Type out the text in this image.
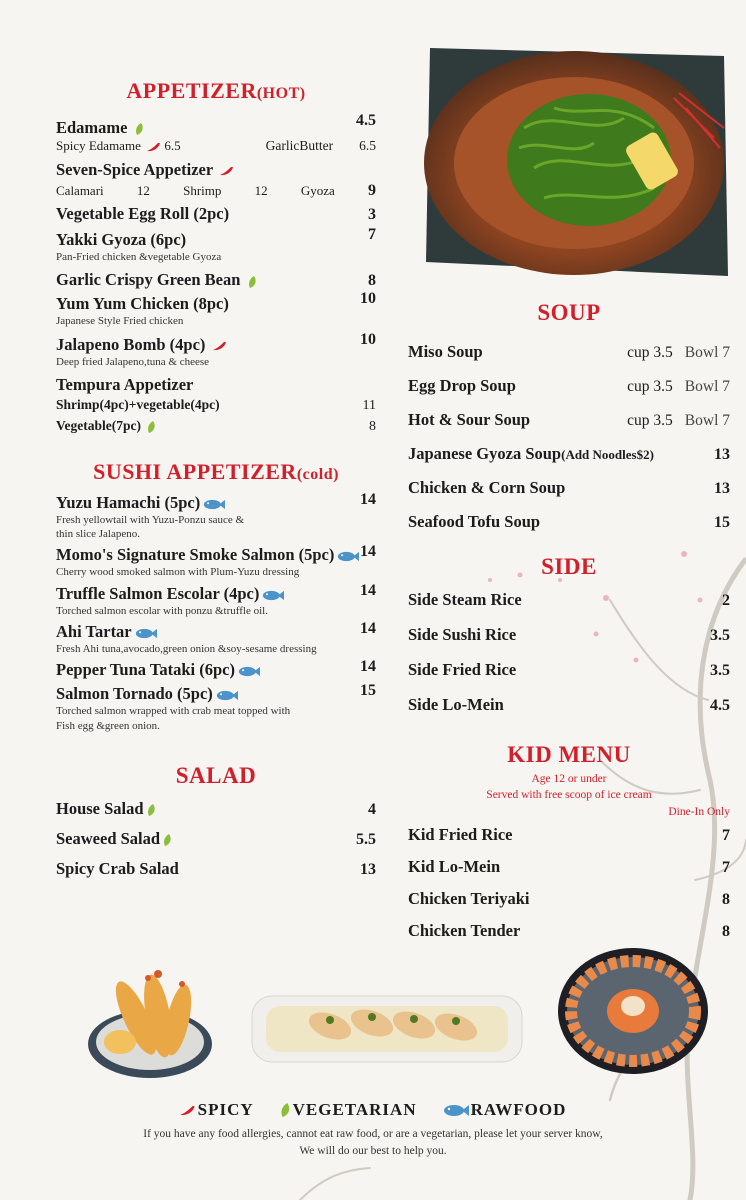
APPETIZER(HOT)
Edamame	4.5
Spicy Edamame 6.5	GarlicButter 6.5
Seven-Spice Appetizer
Calamari	12	Shrimp	12	Gyoza 9
Vegetable Egg Roll (2pc)	3
Yakki Gyoza (6pc)	7
Pan-Fried chicken &vegetable Gyoza
Garlic Crispy Green Bean	8
Yum Yum Chicken (8pc)	10
Japanese Style Fried chicken
Jalapeno Bomb (4pc)	10
Deep fried Jalapeno,tuna & cheese
Tempura Appetizer
Shrimp(4pc)+vegetable(4pc)	11
Vegetable(7pc)	8
SUSHI APPETIZER(cold)
Yuzu Hamachi (5pc)	14
Fresh yellowtail with Yuzu-Ponzu sauce &
thin slice Jalapeno.
Momo's Signature Smoke Salmon (5pc)	14
Cherry wood smoked salmon with Plum-Yuzu dressing
Truffle Salmon Escolar (4pc)	14
Torched salmon escolar with ponzu &truffle oil.
Ahi Tartar	14
Fresh Ahi tuna,avocado,green onion &soy-sesame dressing
Pepper Tuna Tataki (6pc)	14
Salmon Tornado (5pc)	15
Torched salmon wrapped with crab meat topped with
Fish egg &green onion.
SALAD
House Salad	4
Seaweed Salad	5.5
Spicy Crab Salad	13
SOUP
Miso Soup	cup 3.5 Bowl 7
Egg Drop Soup	cup 3.5 Bowl 7
Hot & Sour Soup	cup 3.5 Bowl 7
Japanese Gyoza Soup(Add Noodles$2)	13
Chicken & Corn Soup	13
Seafood Tofu Soup	15
SIDE
Side Steam Rice	2
Side Sushi Rice	3.5
Side Fried Rice	3.5
Side Lo-Mein	4.5
KID MENU
Age 12 or under
Served with free scoop of ice cream
Dine-In Only
Kid Fried Rice	7
Kid Lo-Mein	7
Chicken Teriyaki	8
Chicken Tender	8
SPICY VEGETARIAN	RAWFOOD
If you have any food allergies, cannot eat raw food, or are a vegetarian, please let your server know,
We will do our best to help you.
